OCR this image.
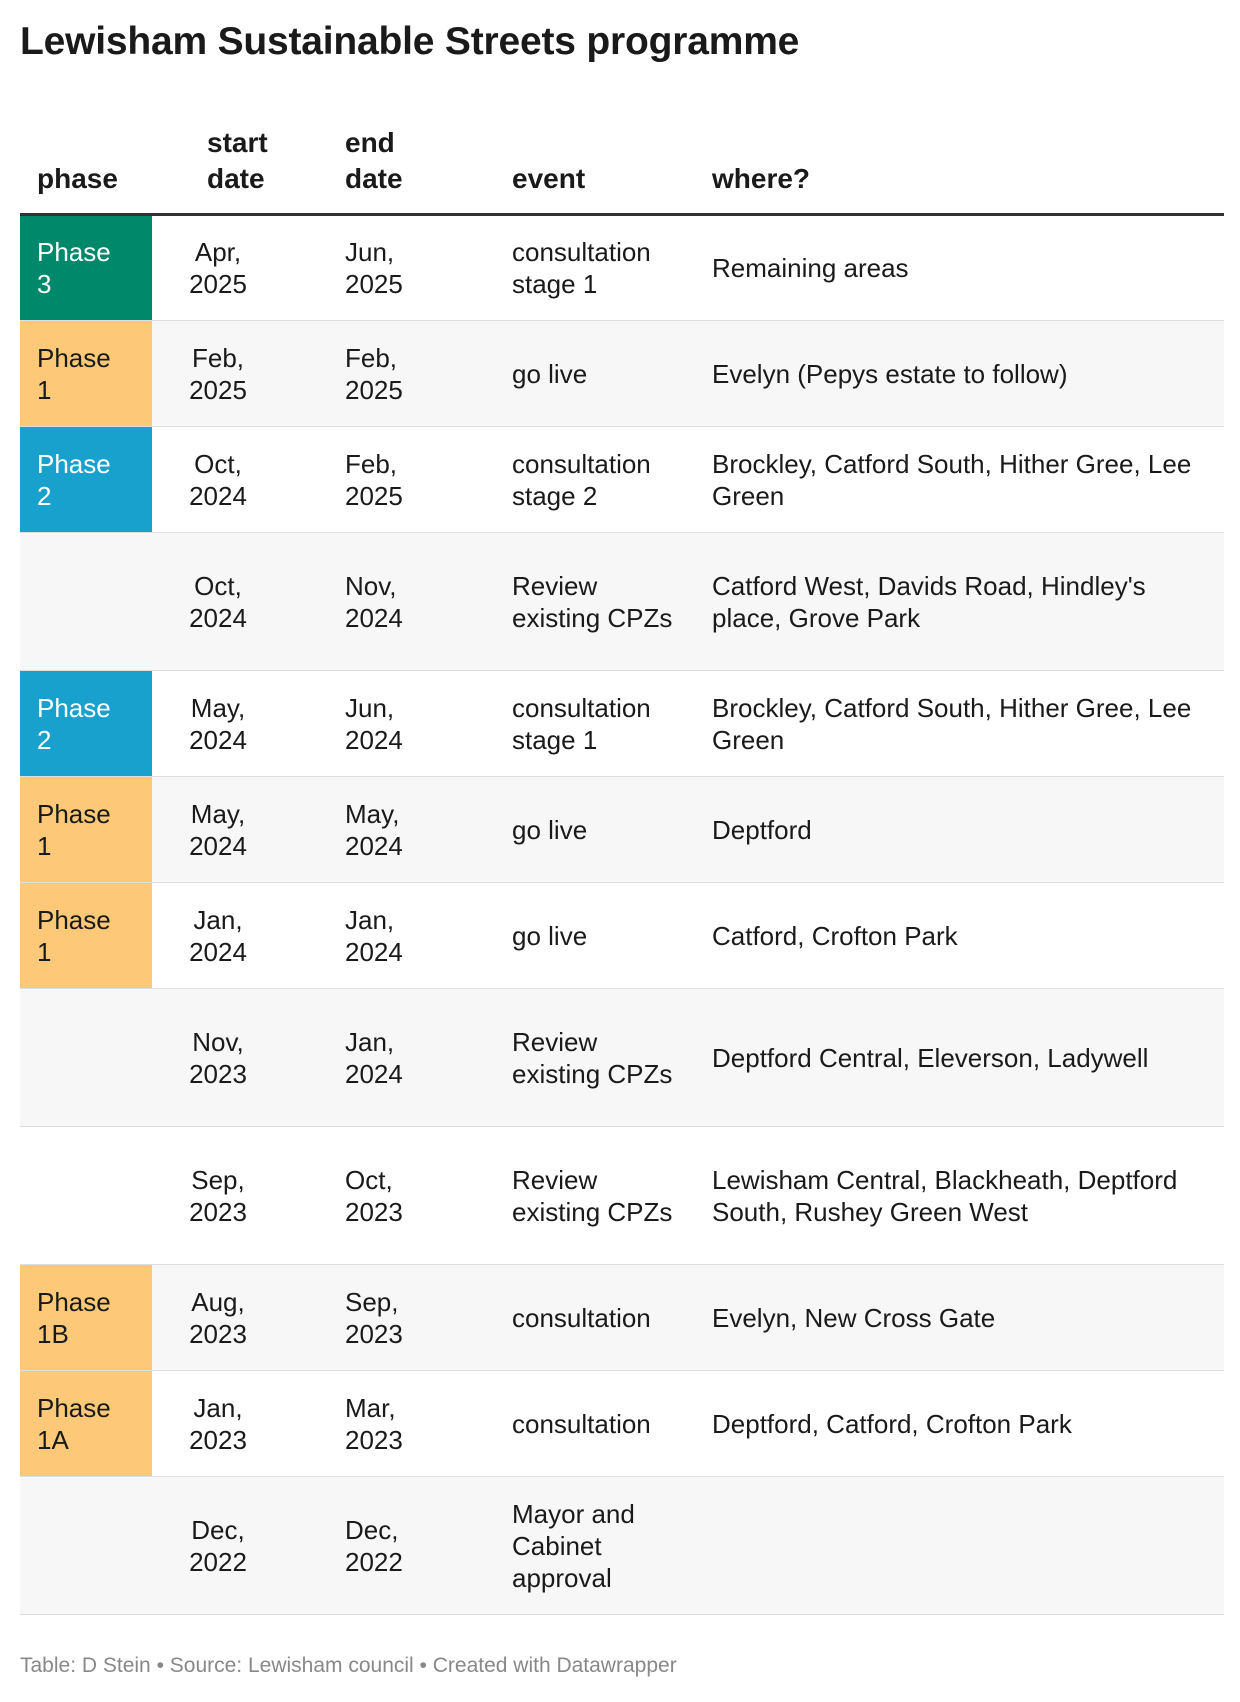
Lewisham Sustainable Streets programme
phase	start date	end date	event	where?

Phase 3	Apr, 2025	Jun, 2025	consultation stage 1	Remaining areas

Phase 1	Feb, 2025	Feb, 2025	go live	Evelyn (Pepys estate to follow)

Phase 2	Oct, 2024	Feb, 2025	consultation stage 2	Brockley, Catford South, Hither Gree, Lee Green

	Oct, 2024	Nov, 2024	Review existing CPZs	Catford West, Davids Road, Hindley's place, Grove Park

Phase 2	May, 2024	Jun, 2024	consultation stage 1	Brockley, Catford South, Hither Gree, Lee Green

Phase 1	May, 2024	May, 2024	go live	Deptford

Phase 1	Jan, 2024	Jan, 2024	go live	Catford, Crofton Park

	Nov, 2023	Jan, 2024	Review existing CPZs	Deptford Central, Eleverson, Ladywell

	Sep, 2023	Oct, 2023	Review existing CPZs	Lewisham Central, Blackheath, Deptford South, Rushey Green West

Phase 1B	Aug, 2023	Sep, 2023	consultation	Evelyn, New Cross Gate

Phase 1A	Jan, 2023	Mar, 2023	consultation	Deptford, Catford, Crofton Park

	Dec, 2022	Dec, 2022	Mayor and Cabinet approval	

Table: D Stein • Source: Lewisham council • Created with Datawrapper
